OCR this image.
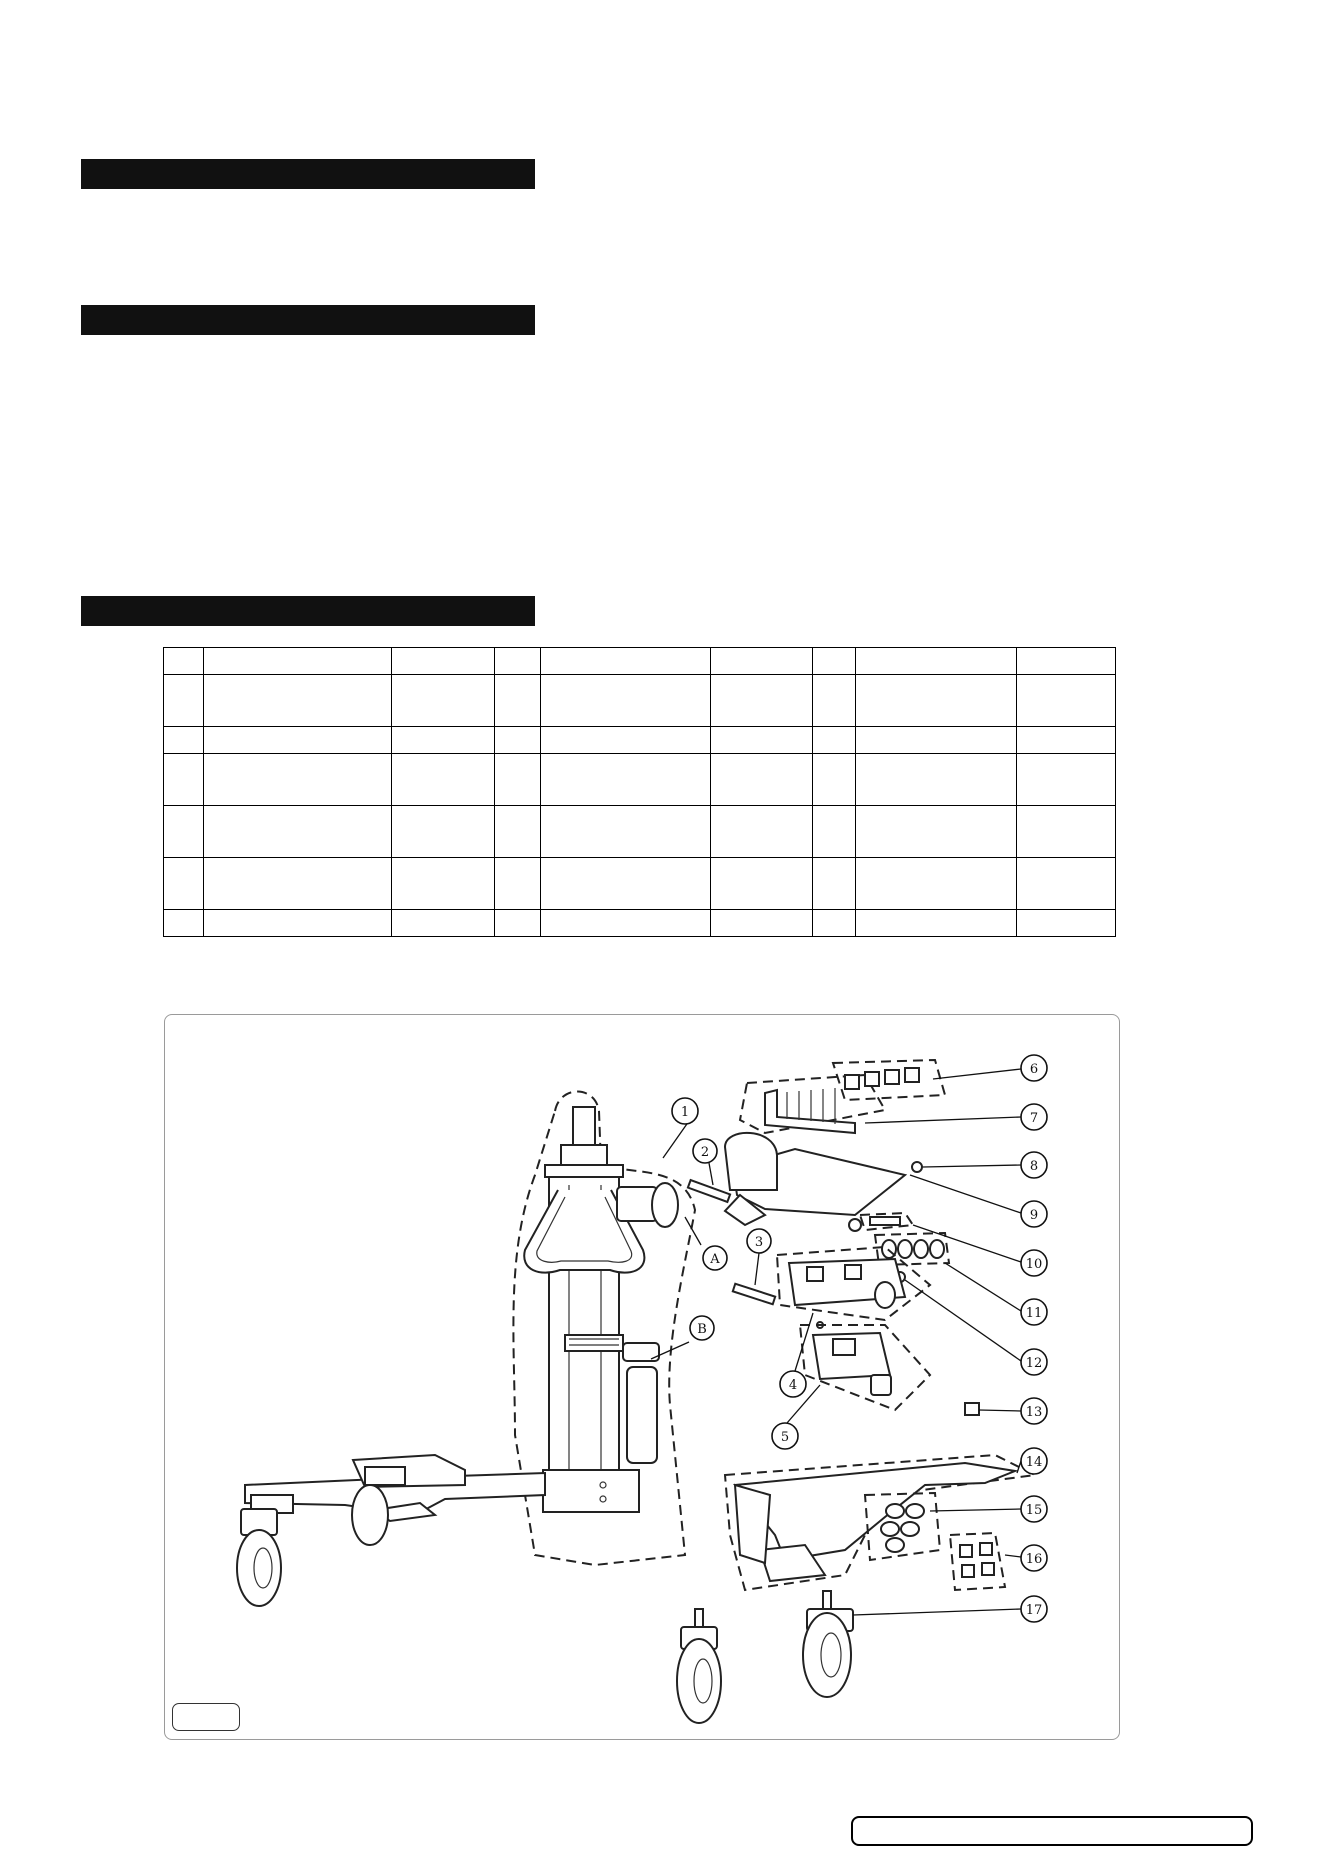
1
2
3
4
5
6
7
8
9
10
11
12
13
14
15
16
17
A
B
